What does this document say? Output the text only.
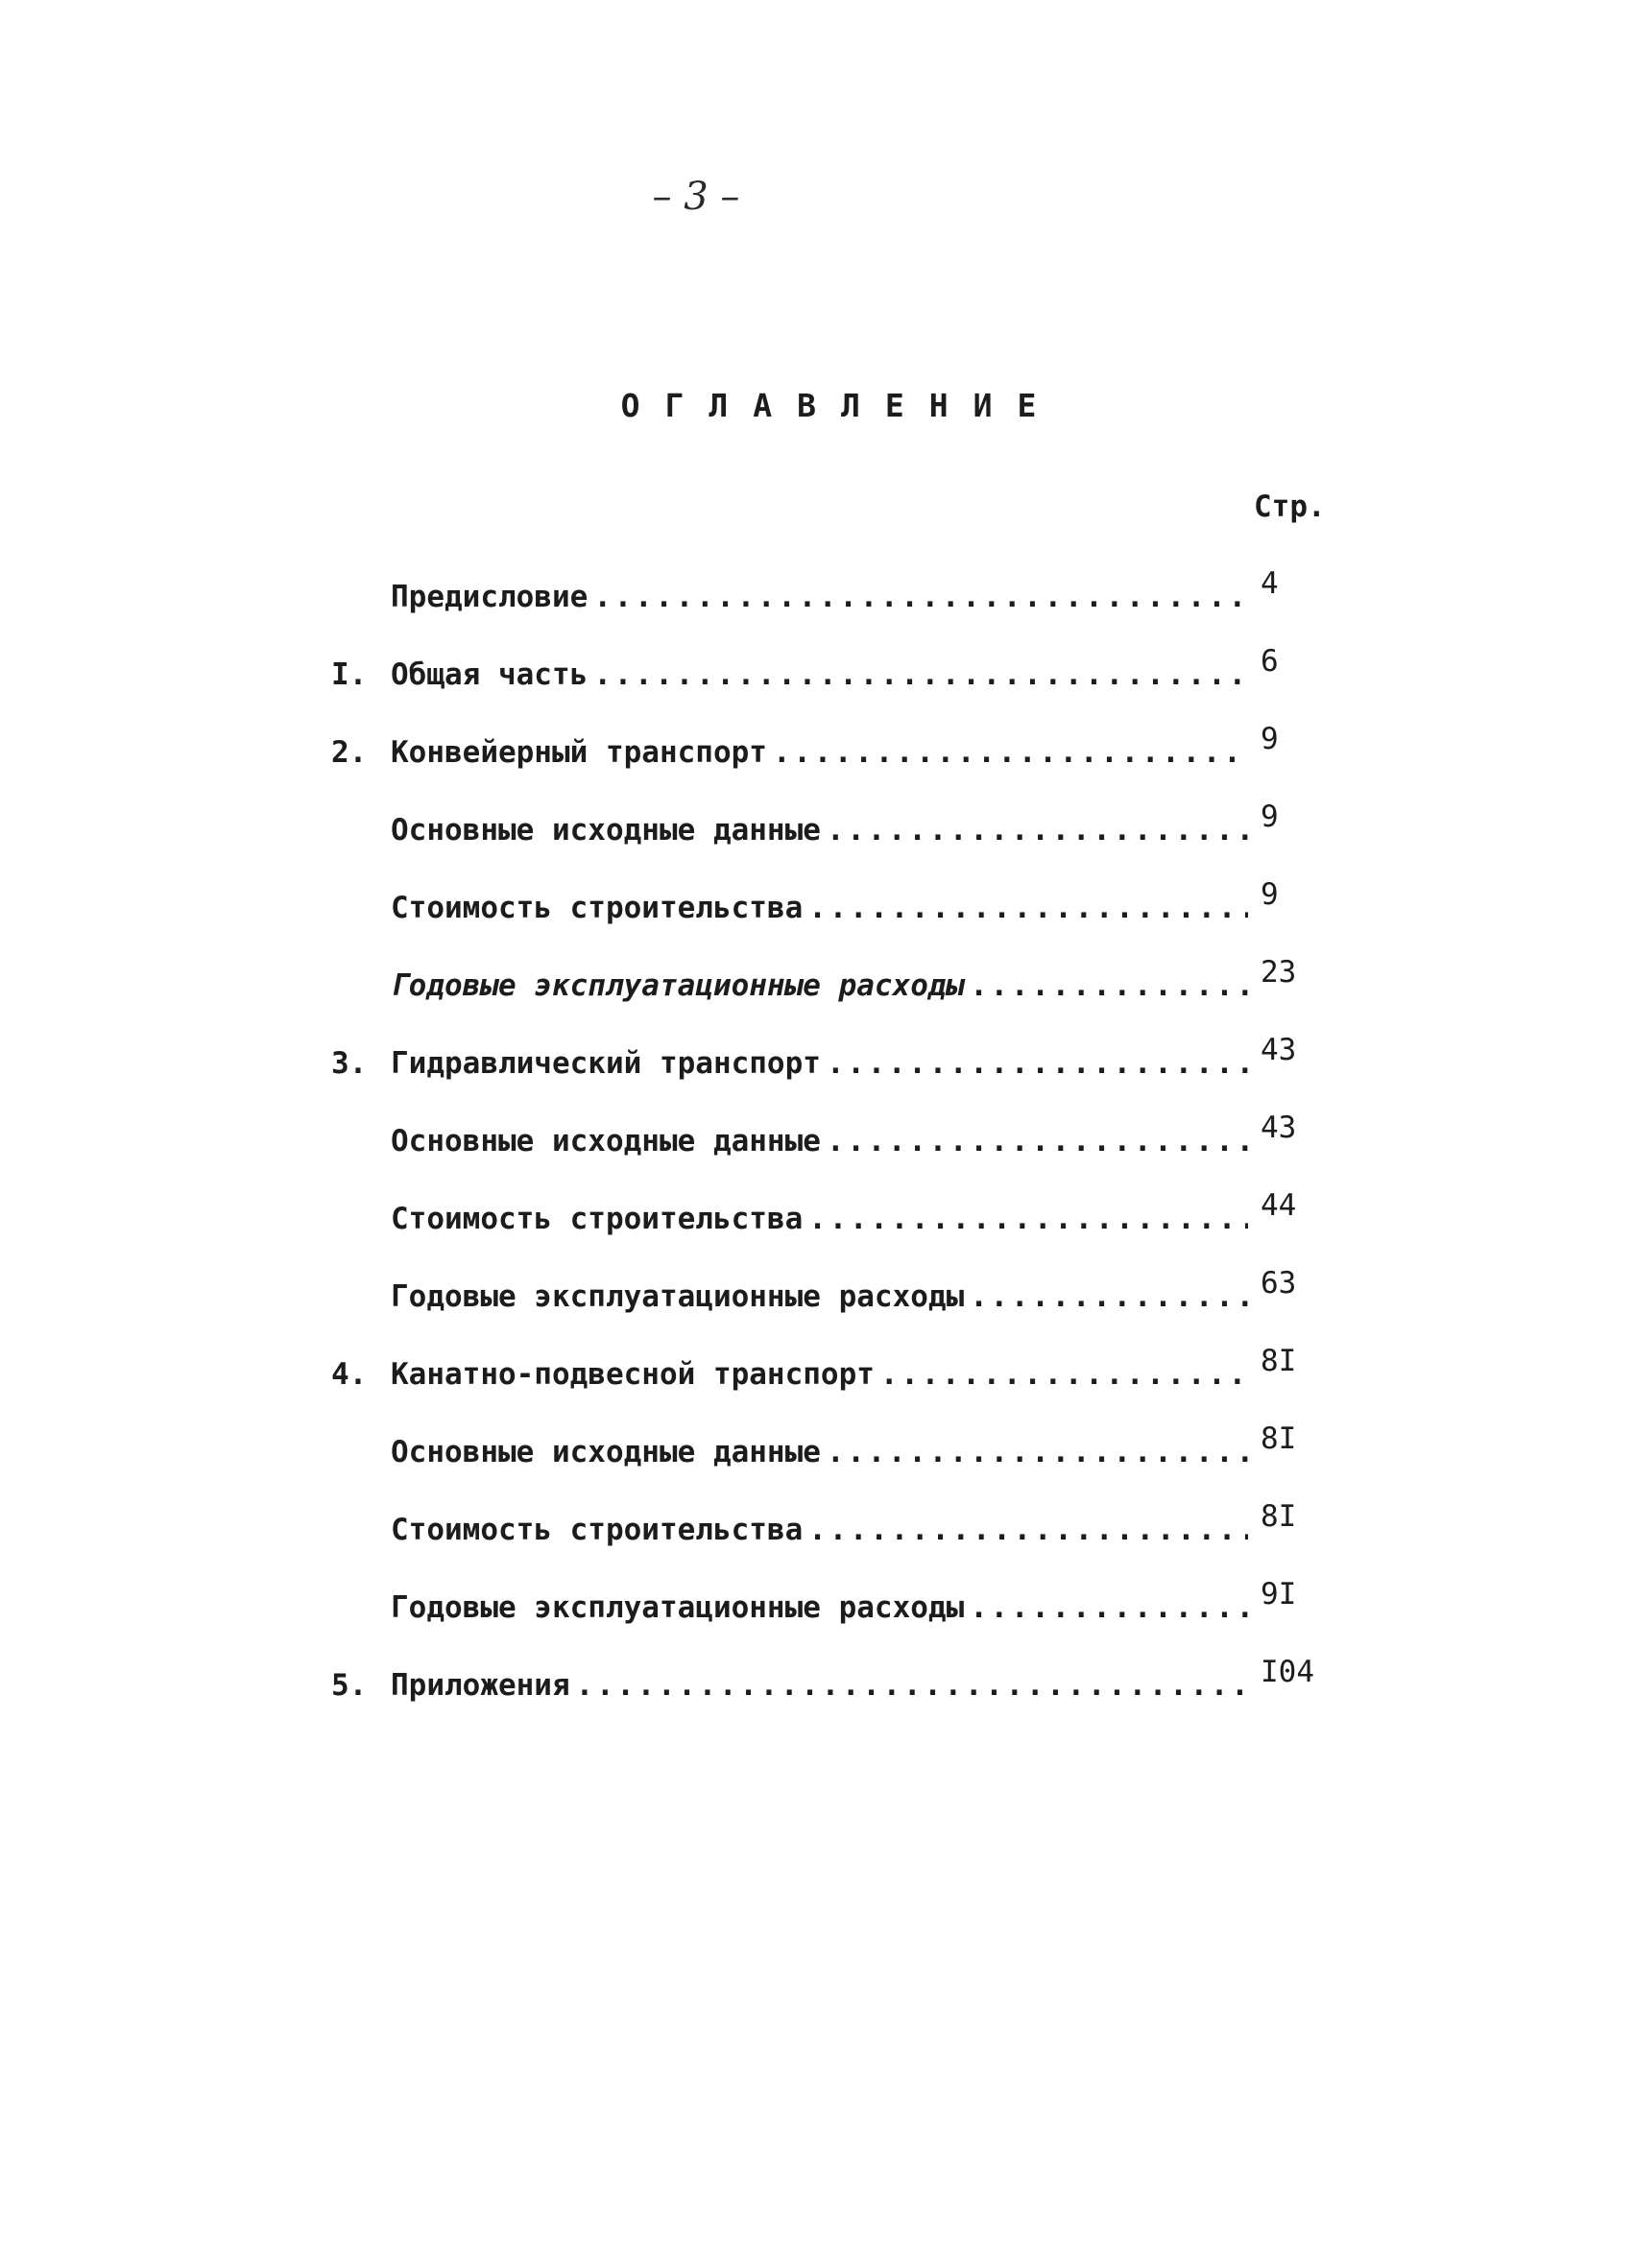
– 3 –
ОГЛАВЛЕНИЕ
Стр.
Предисловие . . .	4
I. Общая часть . . .	6
2. Конвейерный транспорт . . .	9
Основные исходные данные . . .	9
Стоимость строительства . . .	9
Годовые эксплуатационные расходы . . .	23
3. Гидравлический транспорт . . .	43
Основные исходные данные . . .	43
Стоимость строительства . . .	44
Годовые эксплуатационные расходы . . .	63
4. Канатно-подвесной транспорт . . .	8I
Основные исходные данные . . .	8I
Стоимость строительства . . .	8I
Годовые эксплуатационные расходы . . .	9I
5. Приложения . . .	I04
